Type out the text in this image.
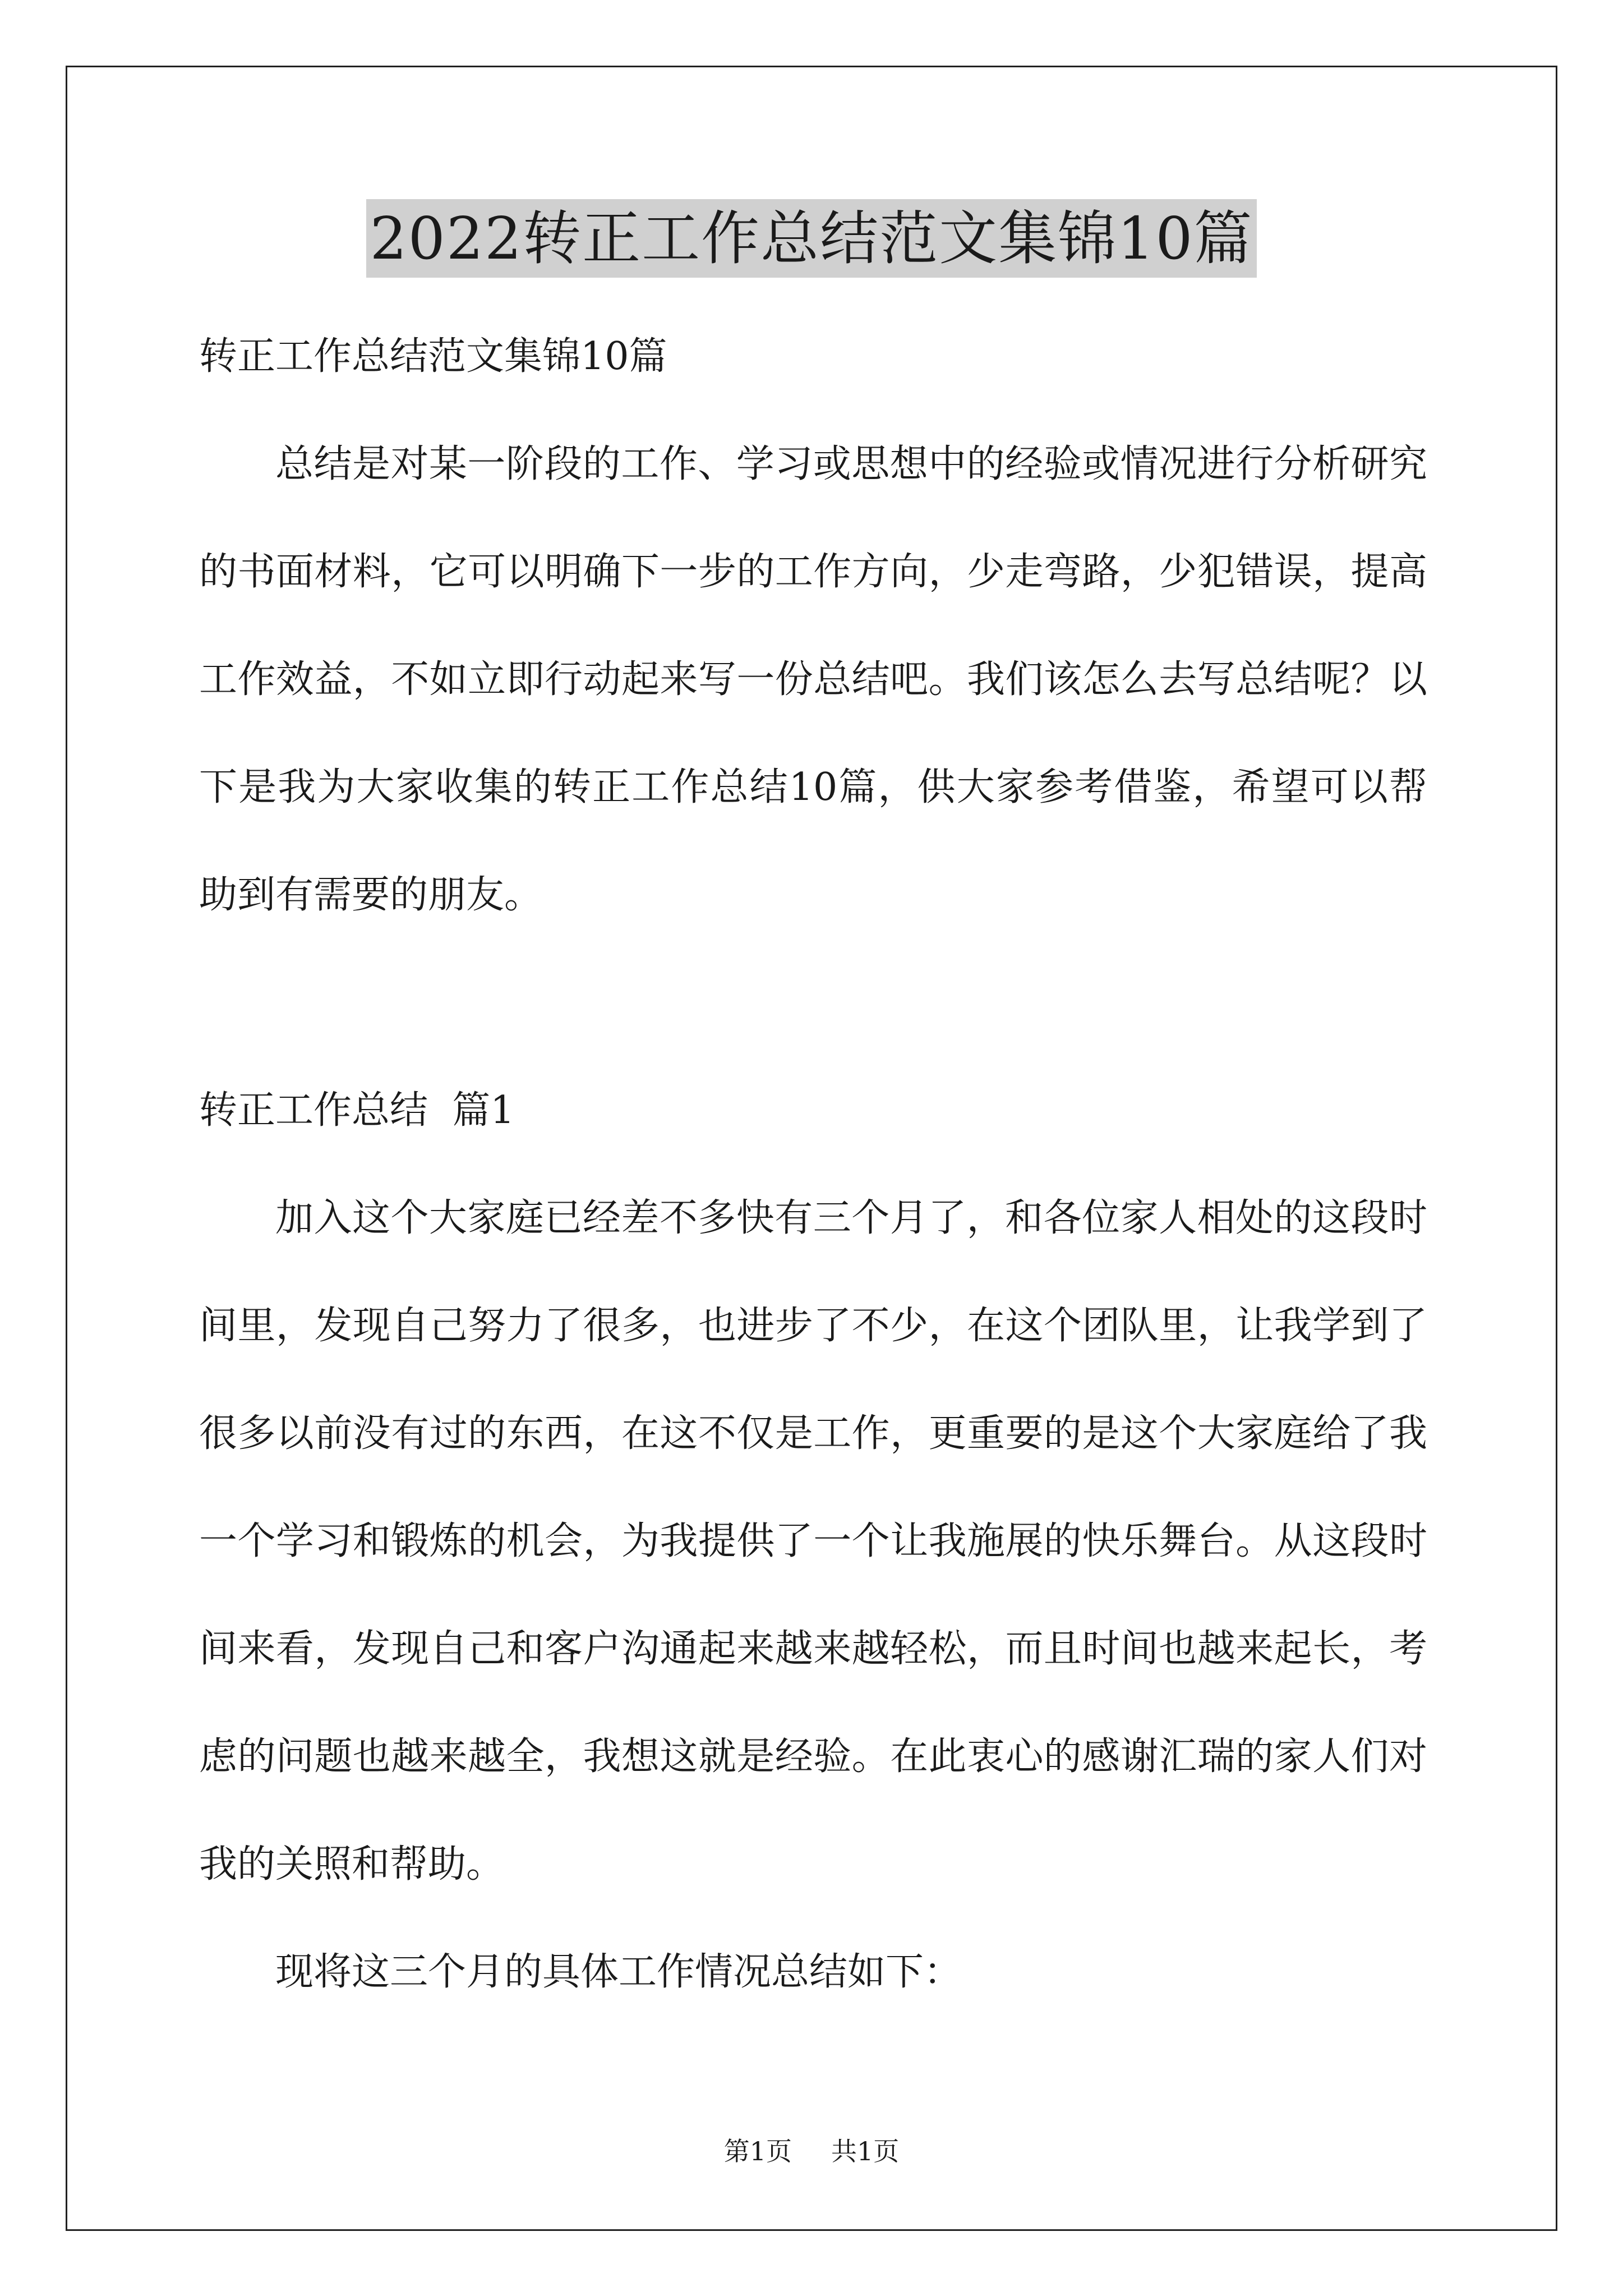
2022转正工作总结范文集锦10篇

转正工作总结范文集锦10篇

总结是对某一阶段的工作、学习或思想中的经验或情况进行分析研究的书面材料，它可以明确下一步的工作方向，少走弯路，少犯错误，提高工作效益，不如立即行动起来写一份总结吧。我们该怎么去写总结呢？以下是我为大家收集的转正工作总结10篇，供大家参考借鉴，希望可以帮助到有需要的朋友。

转正工作总结  篇1

加入这个大家庭已经差不多快有三个月了，和各位家人相处的这段时间里，发现自己努力了很多，也进步了不少，在这个团队里，让我学到了很多以前没有过的东西，在这不仅是工作，更重要的是这个大家庭给了我一个学习和锻炼的机会，为我提供了一个让我施展的快乐舞台。从这段时间来看，发现自己和客户沟通起来越来越轻松，而且时间也越来起长，考虑的问题也越来越全，我想这就是经验。在此衷心的感谢汇瑞的家人们对我的关照和帮助。

现将这三个月的具体工作情况总结如下：

第1页 共1页
